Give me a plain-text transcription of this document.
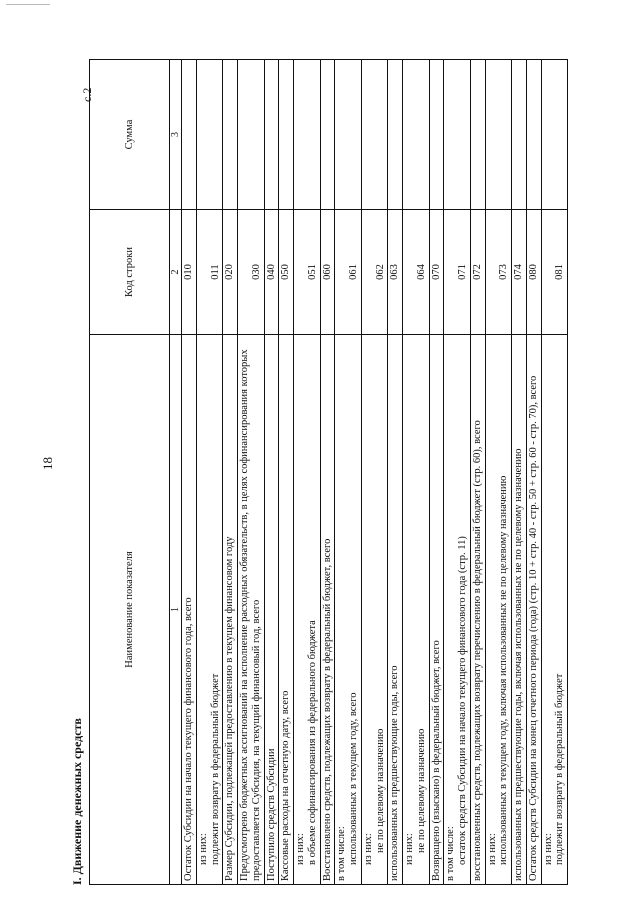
с.2
18
I. Движение денежных средств
Наименование показателя	Код строки	Сумма
1	2	3

Остаток Субсидии на начало текущего финансового года, всего	010	

из них: подлежит возврату в федеральный бюджет	011	

Размер Субсидии, подлежащей предоставлению в текущем финансовом году	020	

Предусмотрено бюджетных ассигнований на исполнение расходных обязательств, в целях софинансирования которых предоставляется Субсидия, на текущий финансовый год, всего	030	

Поступило средств Субсидии	040	

Кассовые расходы на отчетную дату, всего	050	

из них: в объеме софинансирования из федерального бюджета	051	

Восстановлено средств, подлежащих возврату в федеральный бюджет, всего	060	

в том числе: использованных в текущем году, всего	061	

из них: не по целевому назначению	062	

использованных в предшествующие годы, всего	063	

из них: не по целевому назначению	064	

Возвращено (взыскано) в федеральный бюджет, всего	070	

в том числе: остаток средств Субсидии на начало текущего финансового года (стр. 11)	071	

восстановленных средств, подлежащих возврату перечислению в федеральный бюджет (стр. 60), всего	072	

из них: использованных в текущем году, включая использованных не по целевому назначению	073	

использованных в предшествующие годы, включая использованных не по целевому назначению	074	

Остаток средств Субсидии на конец отчетного периода (года) (стр. 10 + стр. 40 - стр. 50 + стр. 60 - стр. 70), всего	080	

из них: подлежит возврату в федеральный бюджет	081	
